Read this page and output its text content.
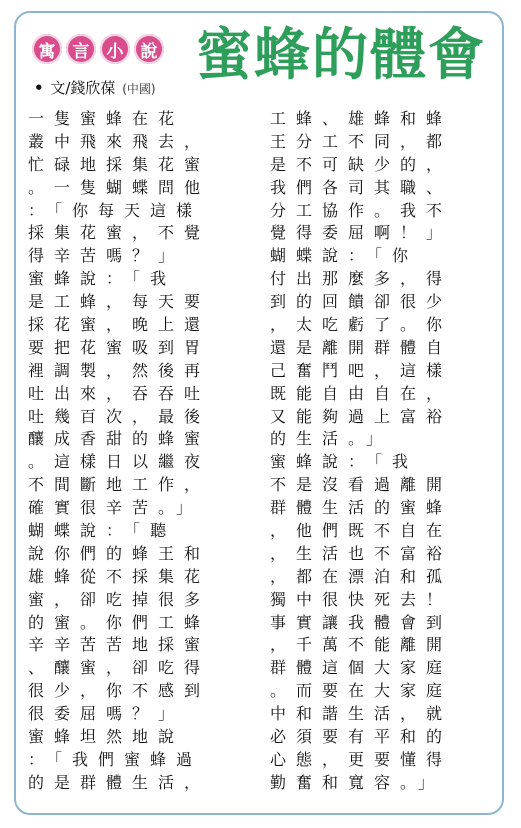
寓	言	小	說 蜜蜂的體會
• 文/錢欣葆 (中國)
一隻蜜蜂在花
叢中飛來飛去，
忙碌地採集花蜜
。一隻蝴蝶問他
：「你每天這樣
採集花蜜，不覺
得辛苦嗎？」
蜜蜂說：「我
是工蜂，每天要
採花蜜，晚上還
要把花蜜吸到胃
裡調製，然後再
吐出來，吞吞吐
吐幾百次，最後
釀成香甜的蜂蜜
。這樣日以繼夜
不間斷地工作，
確實很辛苦。」
蝴蝶說：「聽
說你們的蜂王和
雄蜂從不採集花
蜜，卻吃掉很多
的蜜。你們工蜂
辛辛苦苦地採蜜
、釀蜜，卻吃得
很少，你不感到
很委屈嗎？」
蜜蜂坦然地說
：「我們蜜蜂過
的是群體生活，
工蜂、雄蜂和蜂
王分工不同，都
是不可缺少的，
我們各司其職、
分工協作。我不
覺得委屈啊！」
蝴蝶說：「你
付出那麼多，得
到的回饋卻很少
，太吃虧了。你
還是離開群體自
己奮鬥吧，這樣
既能自由自在，
又能夠過上富裕
的生活。」
蜜蜂說：「我
不是沒看過離開
群體生活的蜜蜂
，他們既不自在
，生活也不富裕
，都在漂泊和孤
獨中很快死去！
事實讓我體會到
，千萬不能離開
群體這個大家庭
。而要在大家庭
中和諧生活，就
必須要有平和的
心態，更要懂得
勤奮和寬容。」
